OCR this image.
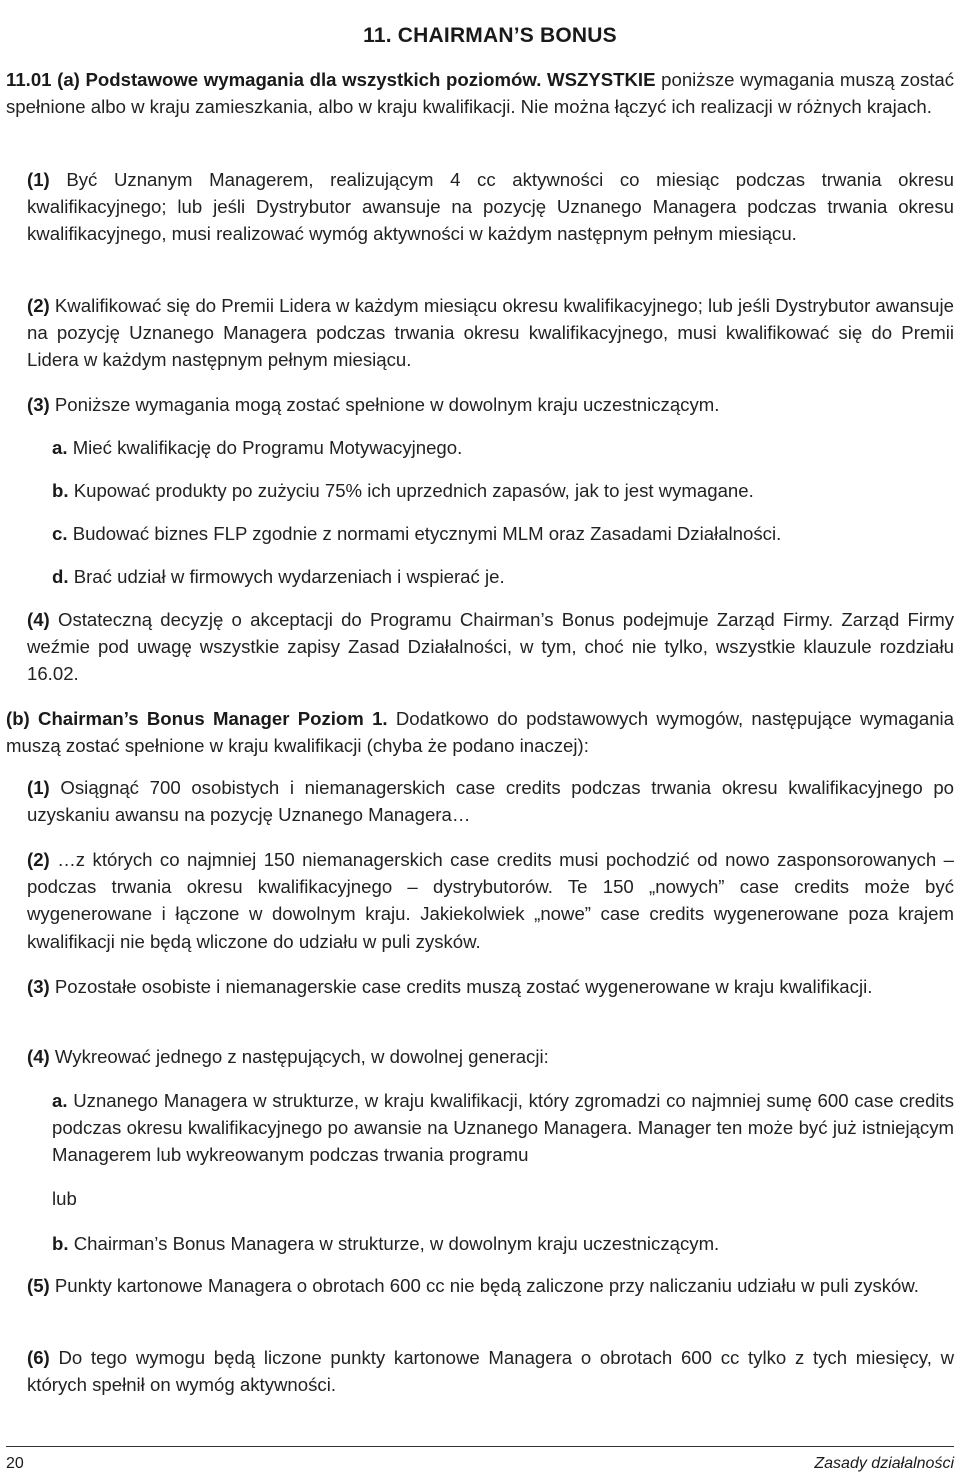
11. CHAIRMAN’S BONUS
11.01 (a) Podstawowe wymagania dla wszystkich poziomów. WSZYSTKIE poniższe wymagania muszą zostać spełnione albo w kraju zamieszkania, albo w kraju kwalifikacji. Nie można łączyć ich realizacji w różnych krajach.
(1) Być Uznanym Managerem, realizującym 4 cc aktywności co miesiąc podczas trwania okresu kwalifikacyjnego; lub jeśli Dystrybutor awansuje na pozycję Uznanego Managera podczas trwania okresu kwalifikacyjnego, musi realizować wymóg aktywności w każdym następnym pełnym miesiącu.
(2) Kwalifikować się do Premii Lidera w każdym miesiącu okresu kwalifikacyjnego; lub jeśli Dystrybutor awansuje na pozycję Uznanego Managera podczas trwania okresu kwalifikacyjnego, musi kwalifikować się do Premii Lidera w każdym następnym pełnym miesiącu.
(3) Poniższe wymagania mogą zostać spełnione w dowolnym kraju uczestniczącym.
a. Mieć kwalifikację do Programu Motywacyjnego.
b. Kupować produkty po zużyciu 75% ich uprzednich zapasów, jak to jest wymagane.
c. Budować biznes FLP zgodnie z normami etycznymi MLM oraz Zasadami Działalności.
d. Brać udział w firmowych wydarzeniach i wspierać je.
(4) Ostateczną decyzję o akceptacji do Programu Chairman’s Bonus podejmuje Zarząd Firmy. Zarząd Firmy weźmie pod uwagę wszystkie zapisy Zasad Działalności, w tym, choć nie tylko, wszystkie klauzule rozdziału 16.02.
(b) Chairman’s Bonus Manager Poziom 1. Dodatkowo do podstawowych wymogów, następujące wymagania muszą zostać spełnione w kraju kwalifikacji (chyba że podano inaczej):
(1) Osiągnąć 700 osobistych i niemanagerskich case credits podczas trwania okresu kwalifikacyjnego po uzyskaniu awansu na pozycję Uznanego Managera…
(2) …z których co najmniej 150 niemanagerskich case credits musi pochodzić od nowo zasponsorowanych – podczas trwania okresu kwalifikacyjnego – dystrybutorów. Te 150 „nowych” case credits może być wygenerowane i łączone w dowolnym kraju. Jakiekolwiek „nowe” case credits wygenerowane poza krajem kwalifikacji nie będą wliczone do udziału w puli zysków.
(3) Pozostałe osobiste i niemanagerskie case credits muszą zostać wygenerowane w kraju kwalifikacji.
(4) Wykreować jednego z następujących, w dowolnej generacji:
a. Uznanego Managera w strukturze, w kraju kwalifikacji, który zgromadzi co najmniej sumę 600 case credits podczas okresu kwalifikacyjnego po awansie na Uznanego Managera. Manager ten może być już istniejącym Managerem lub wykreowanym podczas trwania programu
lub
b. Chairman’s Bonus Managera w strukturze, w dowolnym kraju uczestniczącym.
(5) Punkty kartonowe Managera o obrotach 600 cc nie będą zaliczone przy naliczaniu udziału w puli zysków.
(6) Do tego wymogu będą liczone punkty kartonowe Managera o obrotach 600 cc tylko z tych miesięcy, w których spełnił on wymóg aktywności.
20	Zasady działalności
